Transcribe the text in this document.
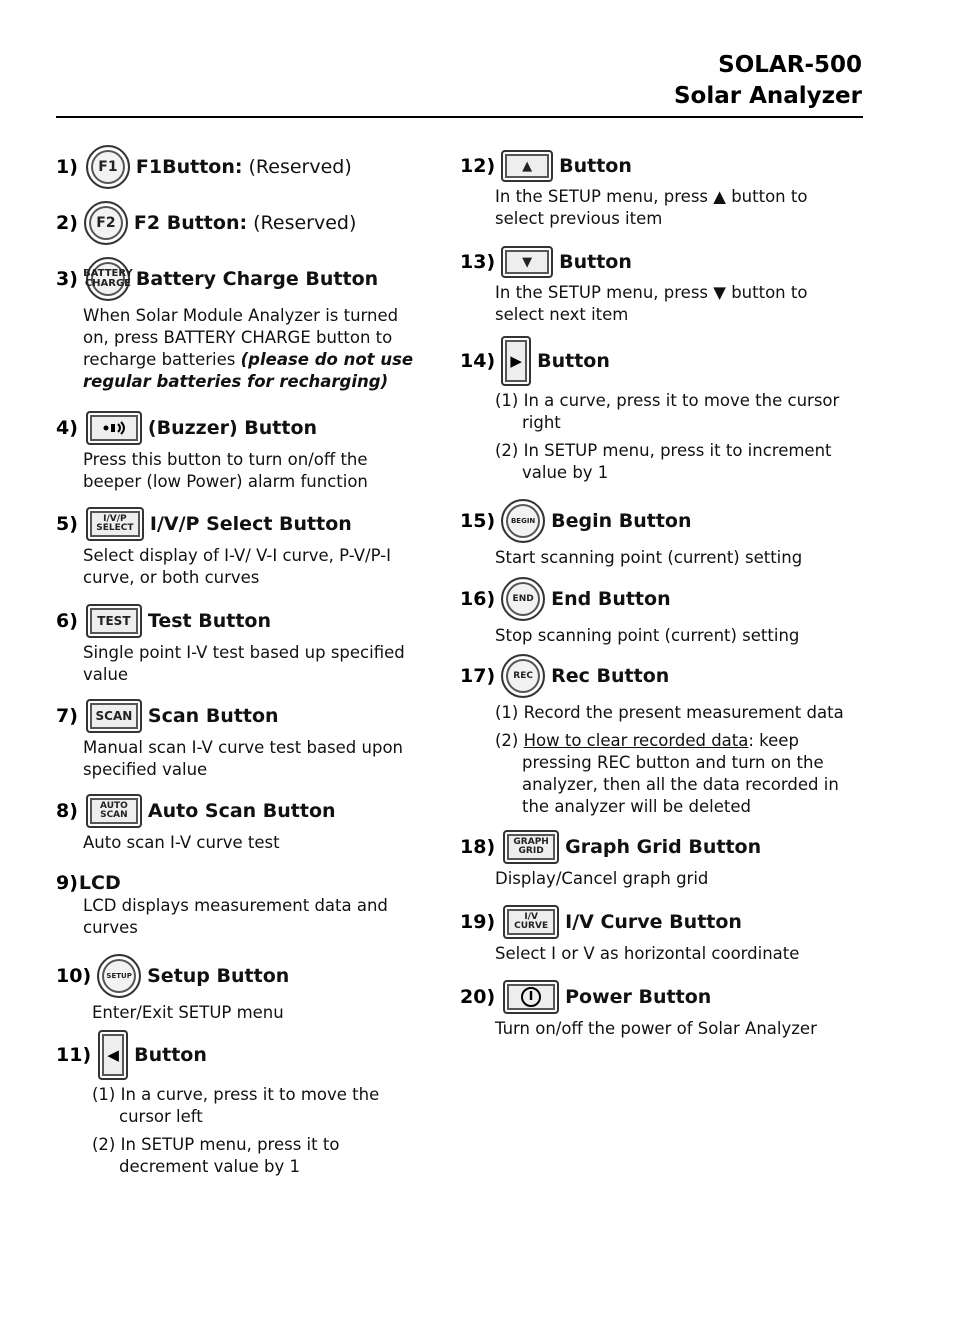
SOLAR-500
Solar Analyzer
1) F1 F1Button: (Reserved)
2) F2 F2 Button: (Reserved)
3) BATTERY
CHARGE Battery Charge Button
When Solar Module Analyzer is turned on, press BATTERY CHARGE button to recharge batteries (please do not use regular batteries for recharging)
4)	(Buzzer) Button
Press this button to turn on/off the beeper (low Power) alarm function
5)	I/V/P
SELECT I/V/P Select Button
Select display of I-V/ V-I curve, P-V/P-I curve, or both curves
6) TEST Test Button
Single point I-V test based up specified value
7) SCAN Scan Button
Manual scan I-V curve test based upon specified value
8) AUTO
SCAN Auto Scan Button
Auto scan I-V curve test
9) LCD
LCD displays measurement data and curves
10) SETUP Setup Button
Enter/Exit SETUP menu
11) ◀ Button

(1) In a curve, press it to move the cursor left

(2) In SETUP menu, press it to decrement value by 1

12) ▲ Button
In the SETUP menu, press ▲ button to select previous item
13) ▼ Button
In the SETUP menu, press ▼ button to select next item
14) ▶ Button

(1) In a curve, press it to move the cursor right

(2) In SETUP menu, press it to increment value by 1

15) BEGIN Begin Button
Start scanning point (current) setting
16) END End Button
Stop scanning point (current) setting
17) REC Rec Button

(1) Record the present measurement data

(2) How to clear recorded data: keep pressing REC button and turn on the analyzer, then all the data recorded in the analyzer will be deleted

18) GRAPH
GRID Graph Grid Button
Display/Cancel graph grid
19)	I/V
CURVE I/V Curve Button
Select I or V as horizontal coordinate
20)	Power Button
Turn on/off the power of Solar Analyzer
